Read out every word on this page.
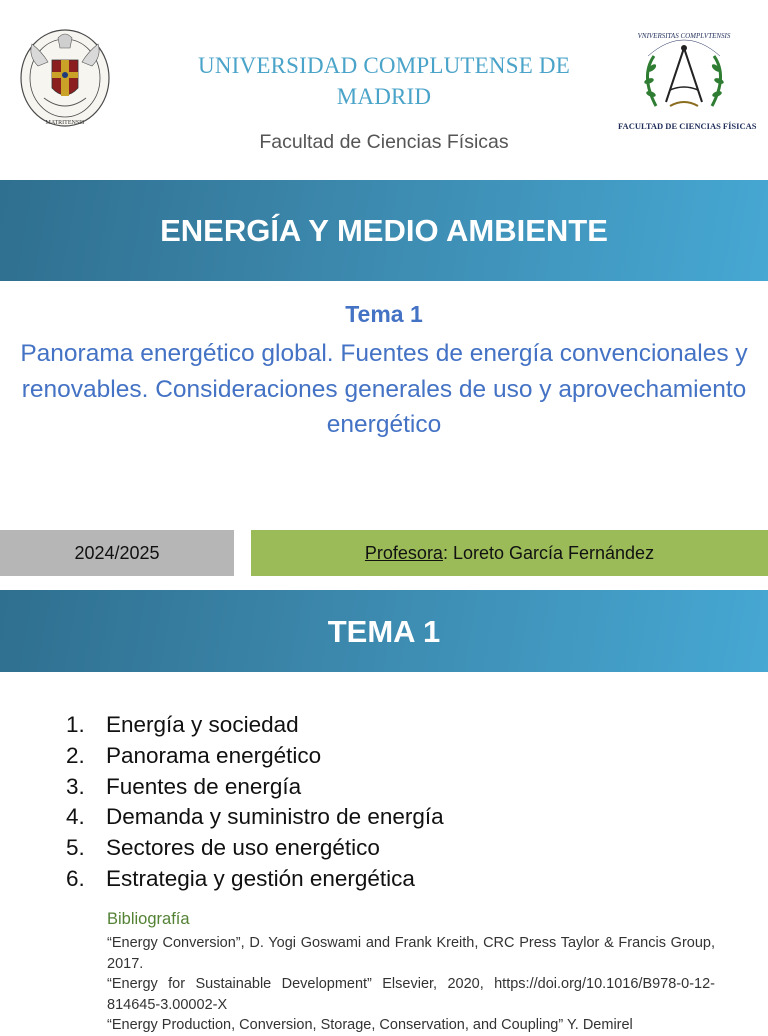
MATRITENSIS
UNIVERSIDAD COMPLUTENSE DE MADRID
Facultad de Ciencias Físicas
VNIVERSITAS COMPLVTENSIS
FACULTAD DE CIENCIAS FÍSICAS
ENERGÍA Y MEDIO AMBIENTE
Tema 1
Panorama energético global. Fuentes de energía convencionales y renovables. Consideraciones generales de uso y aprovechamiento energético
2024/2025	Profesora: Loreto García Fernández
TEMA 1
1. Energía y sociedad
2. Panorama energético
3. Fuentes de energía
4. Demanda y suministro de energía
5. Sectores de uso energético
6. Estrategia y gestión energética
Bibliografía

“Energy Conversion”, D. Yogi Goswami and Frank Kreith, CRC Press Taylor & Francis Group, 2017.

“Energy for Sustainable Development” Elsevier, 2020, https://doi.org/10.1016/B978-0-12-814645-3.00002-X

“Energy Production, Conversion, Storage, Conservation, and Coupling” Y. Demirel
